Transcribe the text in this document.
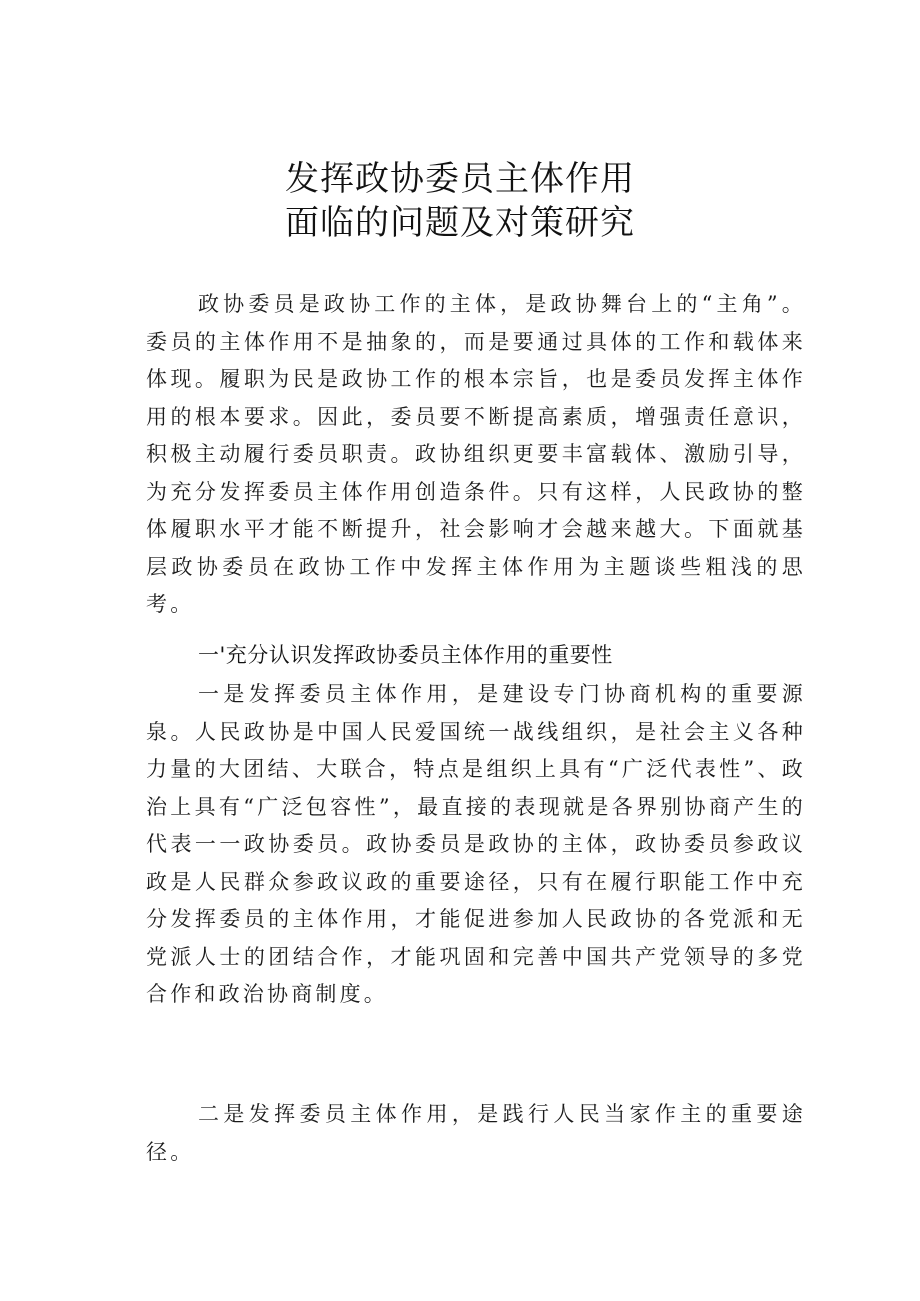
发挥政协委员主体作用
面临的问题及对策研究

政协委员是政协工作的主体，是政协舞台上的“主角”。委员的主体作用不是抽象的，而是要通过具体的工作和载体来体现。履职为民是政协工作的根本宗旨，也是委员发挥主体作用的根本要求。因此，委员要不断提高素质，增强责任意识，积极主动履行委员职责。政协组织更要丰富载体、激励引导，为充分发挥委员主体作用创造条件。只有这样，人民政协的整体履职水平才能不断提升，社会影响才会越来越大。下面就基层政协委员在政协工作中发挥主体作用为主题谈些粗浅的思考。

一'充分认识发挥政协委员主体作用的重要性

一是发挥委员主体作用，是建设专门协商机构的重要源泉。人民政协是中国人民爱国统一战线组织，是社会主义各种力量的大团结、大联合，特点是组织上具有“广泛代表性”、政治上具有“广泛包容性”，最直接的表现就是各界别协商产生的代表一一政协委员。政协委员是政协的主体，政协委员参政议政是人民群众参政议政的重要途径，只有在履行职能工作中充分发挥委员的主体作用，才能促进参加人民政协的各党派和无党派人士的团结合作，才能巩固和完善中国共产党领导的多党合作和政治协商制度。

二是发挥委员主体作用，是践行人民当家作主的重要途径。
